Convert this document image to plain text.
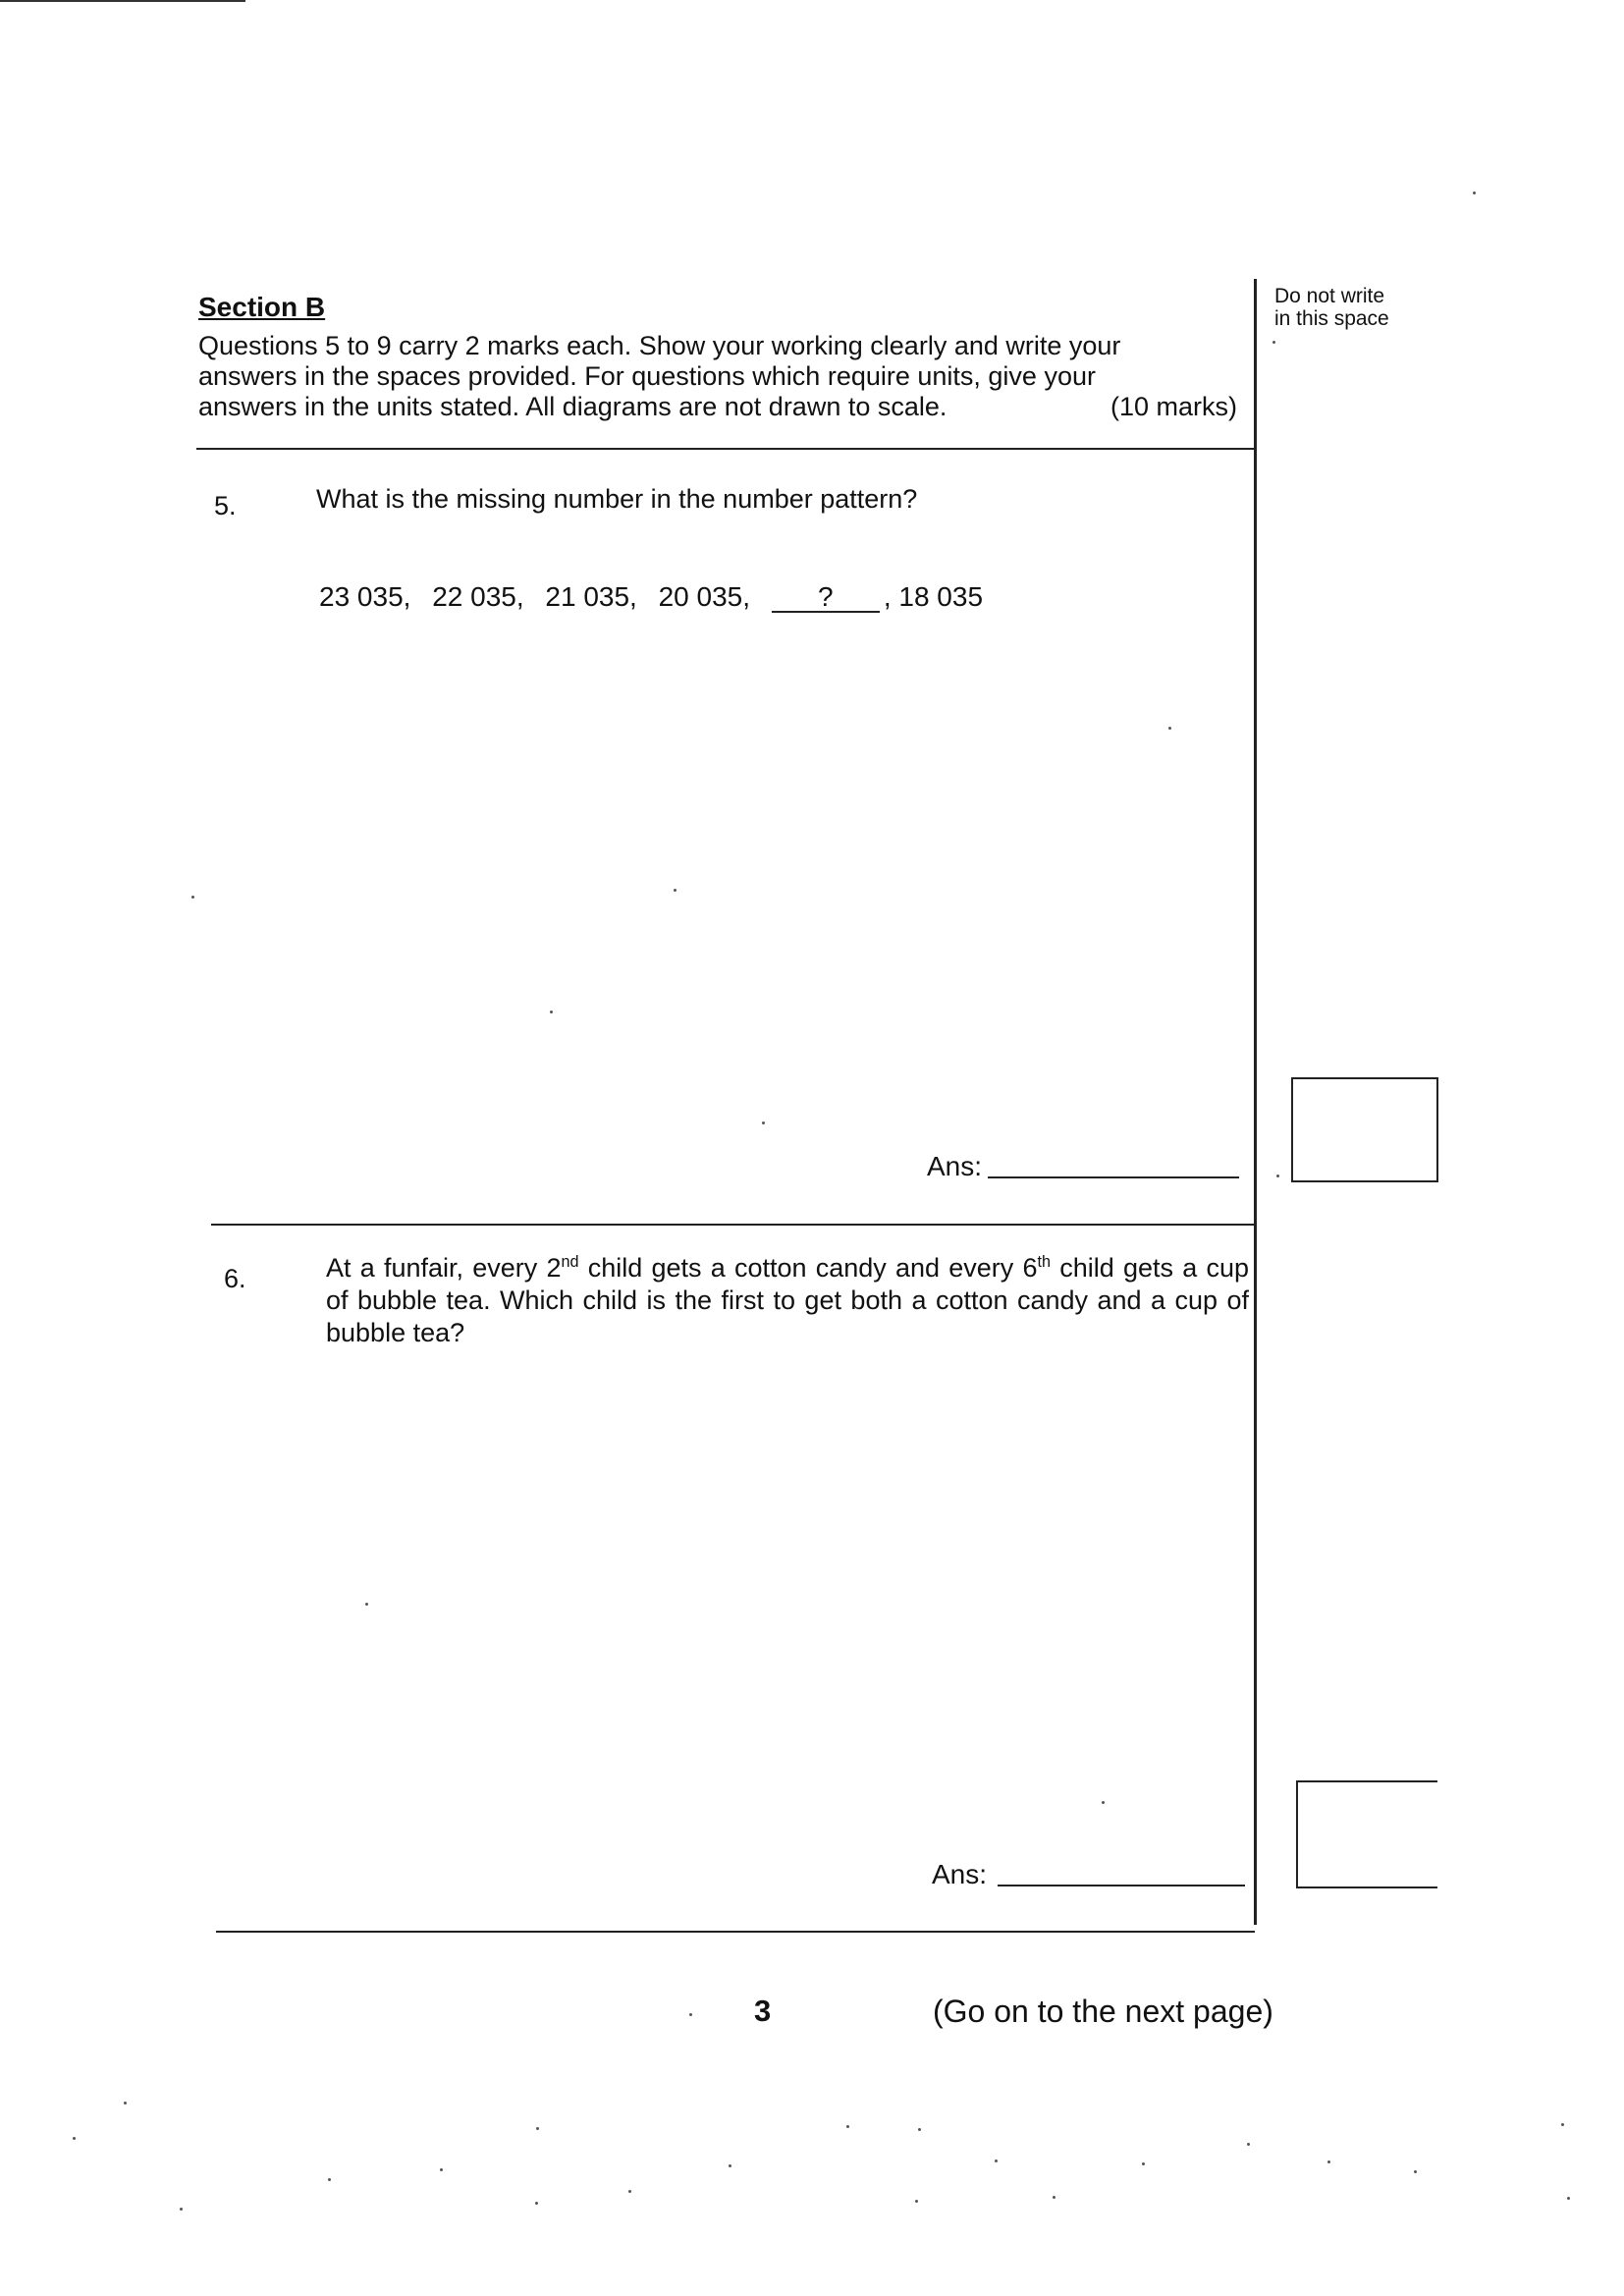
Section B
Questions 5 to 9 carry 2 marks each. Show your working clearly and write your
answers in the spaces provided. For questions which require units, give your
answers in the units stated. All diagrams are not drawn to scale.	(10 marks)
Do not write
in this space
5.	What is the missing number in the number pattern?
23 035, 22 035, 21 035, 20 035, ? , 18 035
Ans:
6.	At a funfair, every 2nd child gets a cotton candy and every 6th child gets a cup of bubble tea. Which child is the first to get both a cotton candy and a cup of bubble tea?
Ans:
3	(Go on to the next page)
